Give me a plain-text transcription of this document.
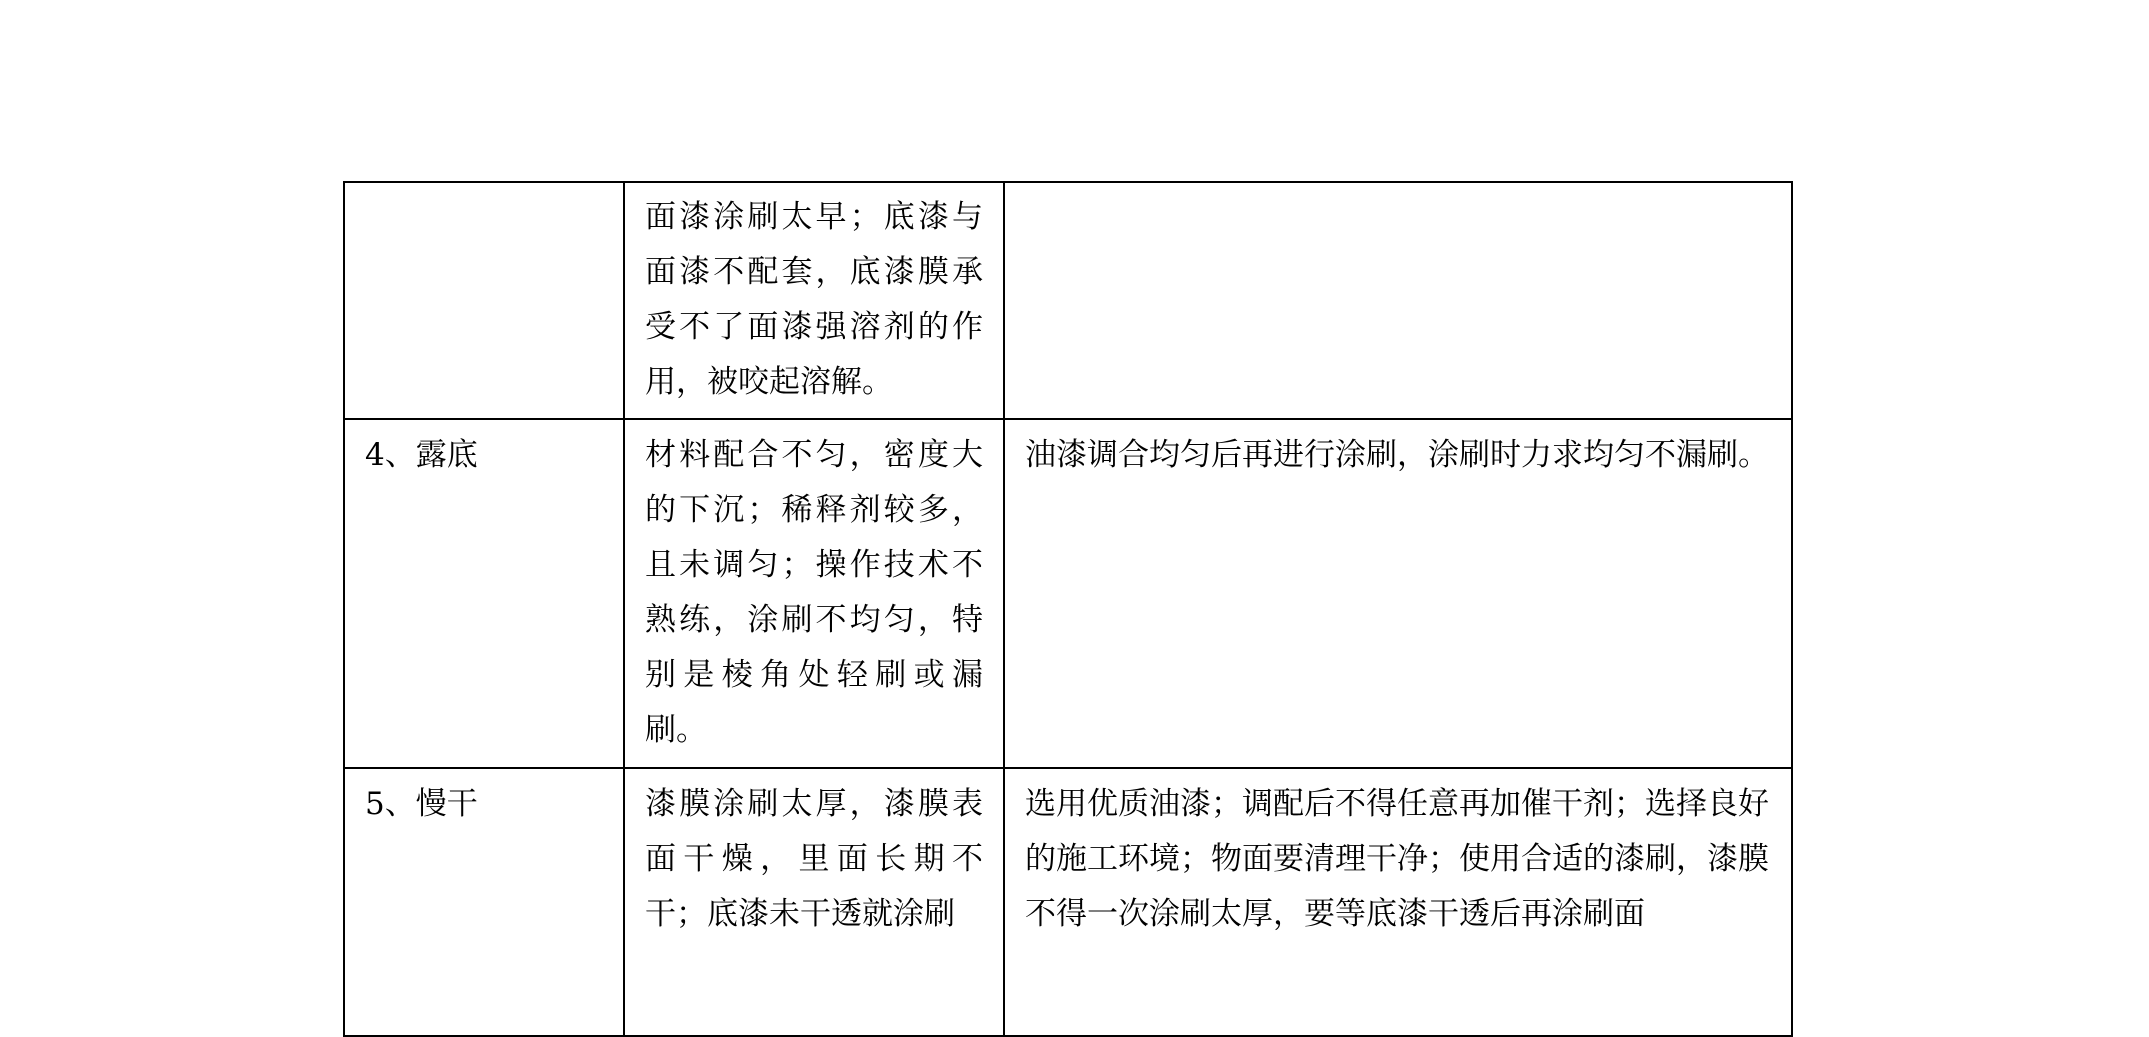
	面漆涂刷太早；底漆与面漆不配套，底漆膜承受不了面漆强溶剂的作用，被咬起溶解。	
4、露底	材料配合不匀，密度大的下沉；稀释剂较多，且未调匀；操作技术不熟练，涂刷不均匀，特别是棱角处轻刷或漏刷。	油漆调合均匀后再进行涂刷，涂刷时力求均匀不漏刷。
5、慢干	漆膜涂刷太厚，漆膜表面干燥，里面长期不干；底漆未干透就涂刷	选用优质油漆；调配后不得任意再加催干剂；选择良好的施工环境；物面要清理干净；使用合适的漆刷，漆膜不得一次涂刷太厚，要等底漆干透后再涂刷面
